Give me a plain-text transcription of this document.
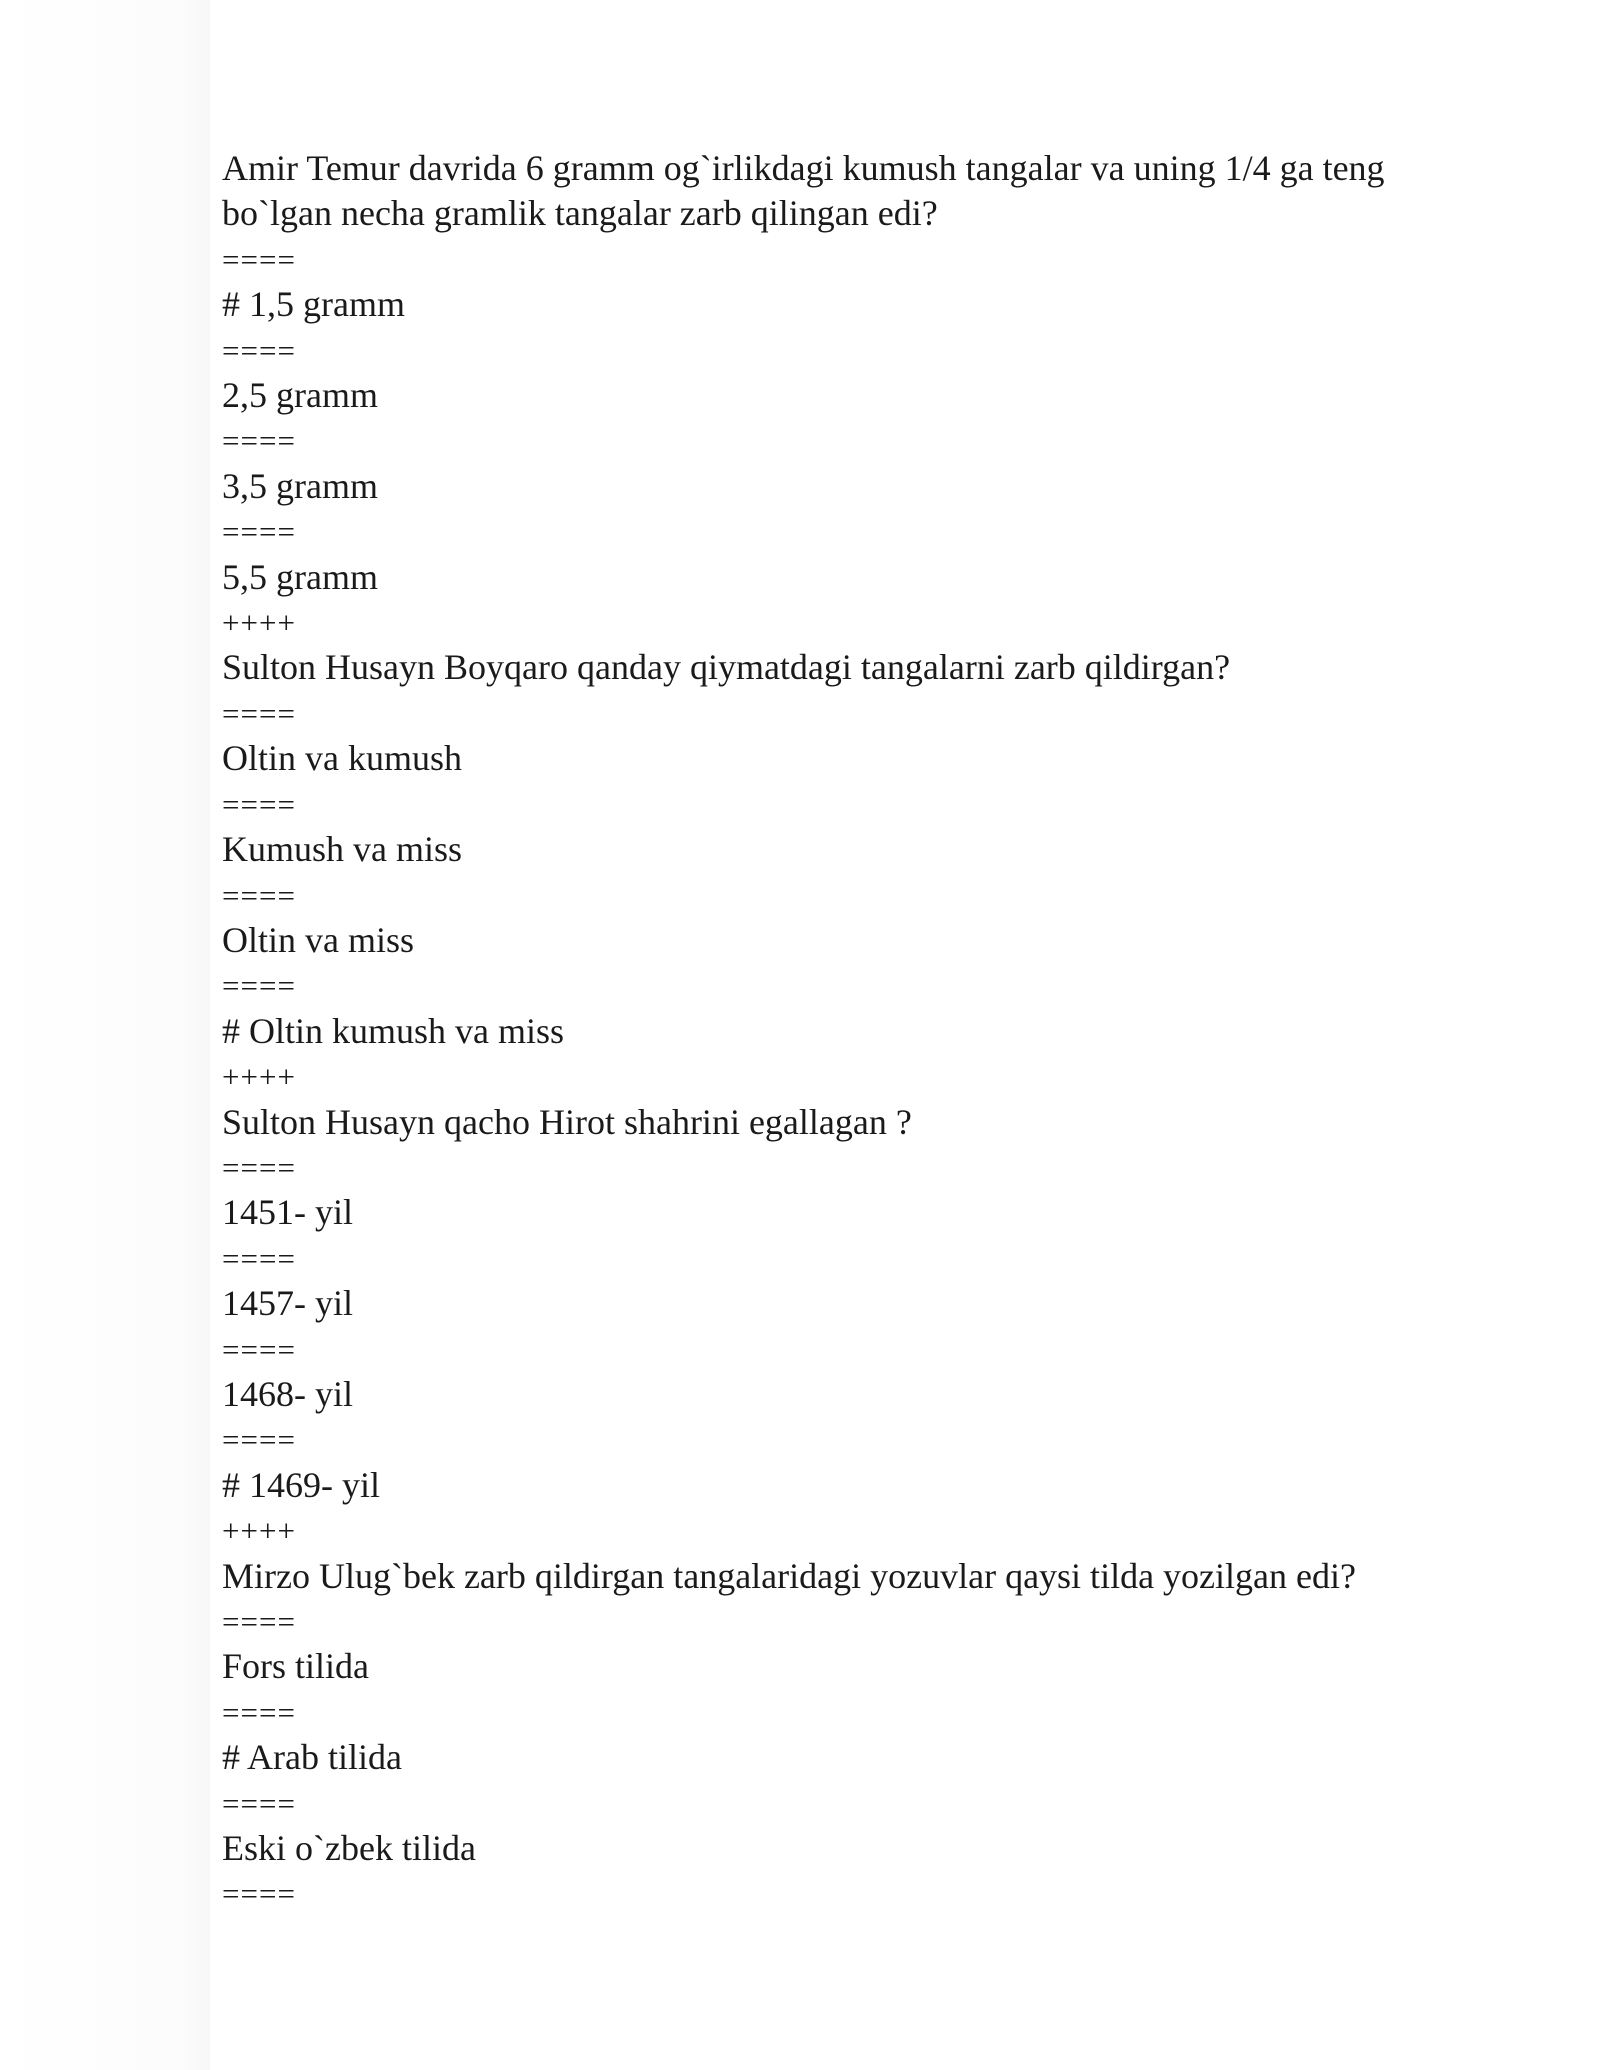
Amir Temur davrida 6 gramm og`irlikdagi kumush tangalar va uning 1/4 ga teng bo`lgan necha gramlik tangalar zarb qilingan edi?
====
# 1,5 gramm
====
2,5 gramm
====
3,5 gramm
====
5,5 gramm
++++
Sulton Husayn Boyqaro qanday qiymatdagi tangalarni zarb qildirgan?
====
Oltin va kumush
====
Kumush va miss
====
Oltin va miss
====
# Oltin kumush va miss
++++
Sulton Husayn qacho Hirot shahrini egallagan ?
====
1451- yil
====
1457- yil
====
1468- yil
====
# 1469- yil
++++
Mirzo Ulug`bek zarb qildirgan tangalaridagi yozuvlar qaysi tilda yozilgan edi?
====
Fors tilida
====
# Arab tilida
====
Eski o`zbek tilida
====
